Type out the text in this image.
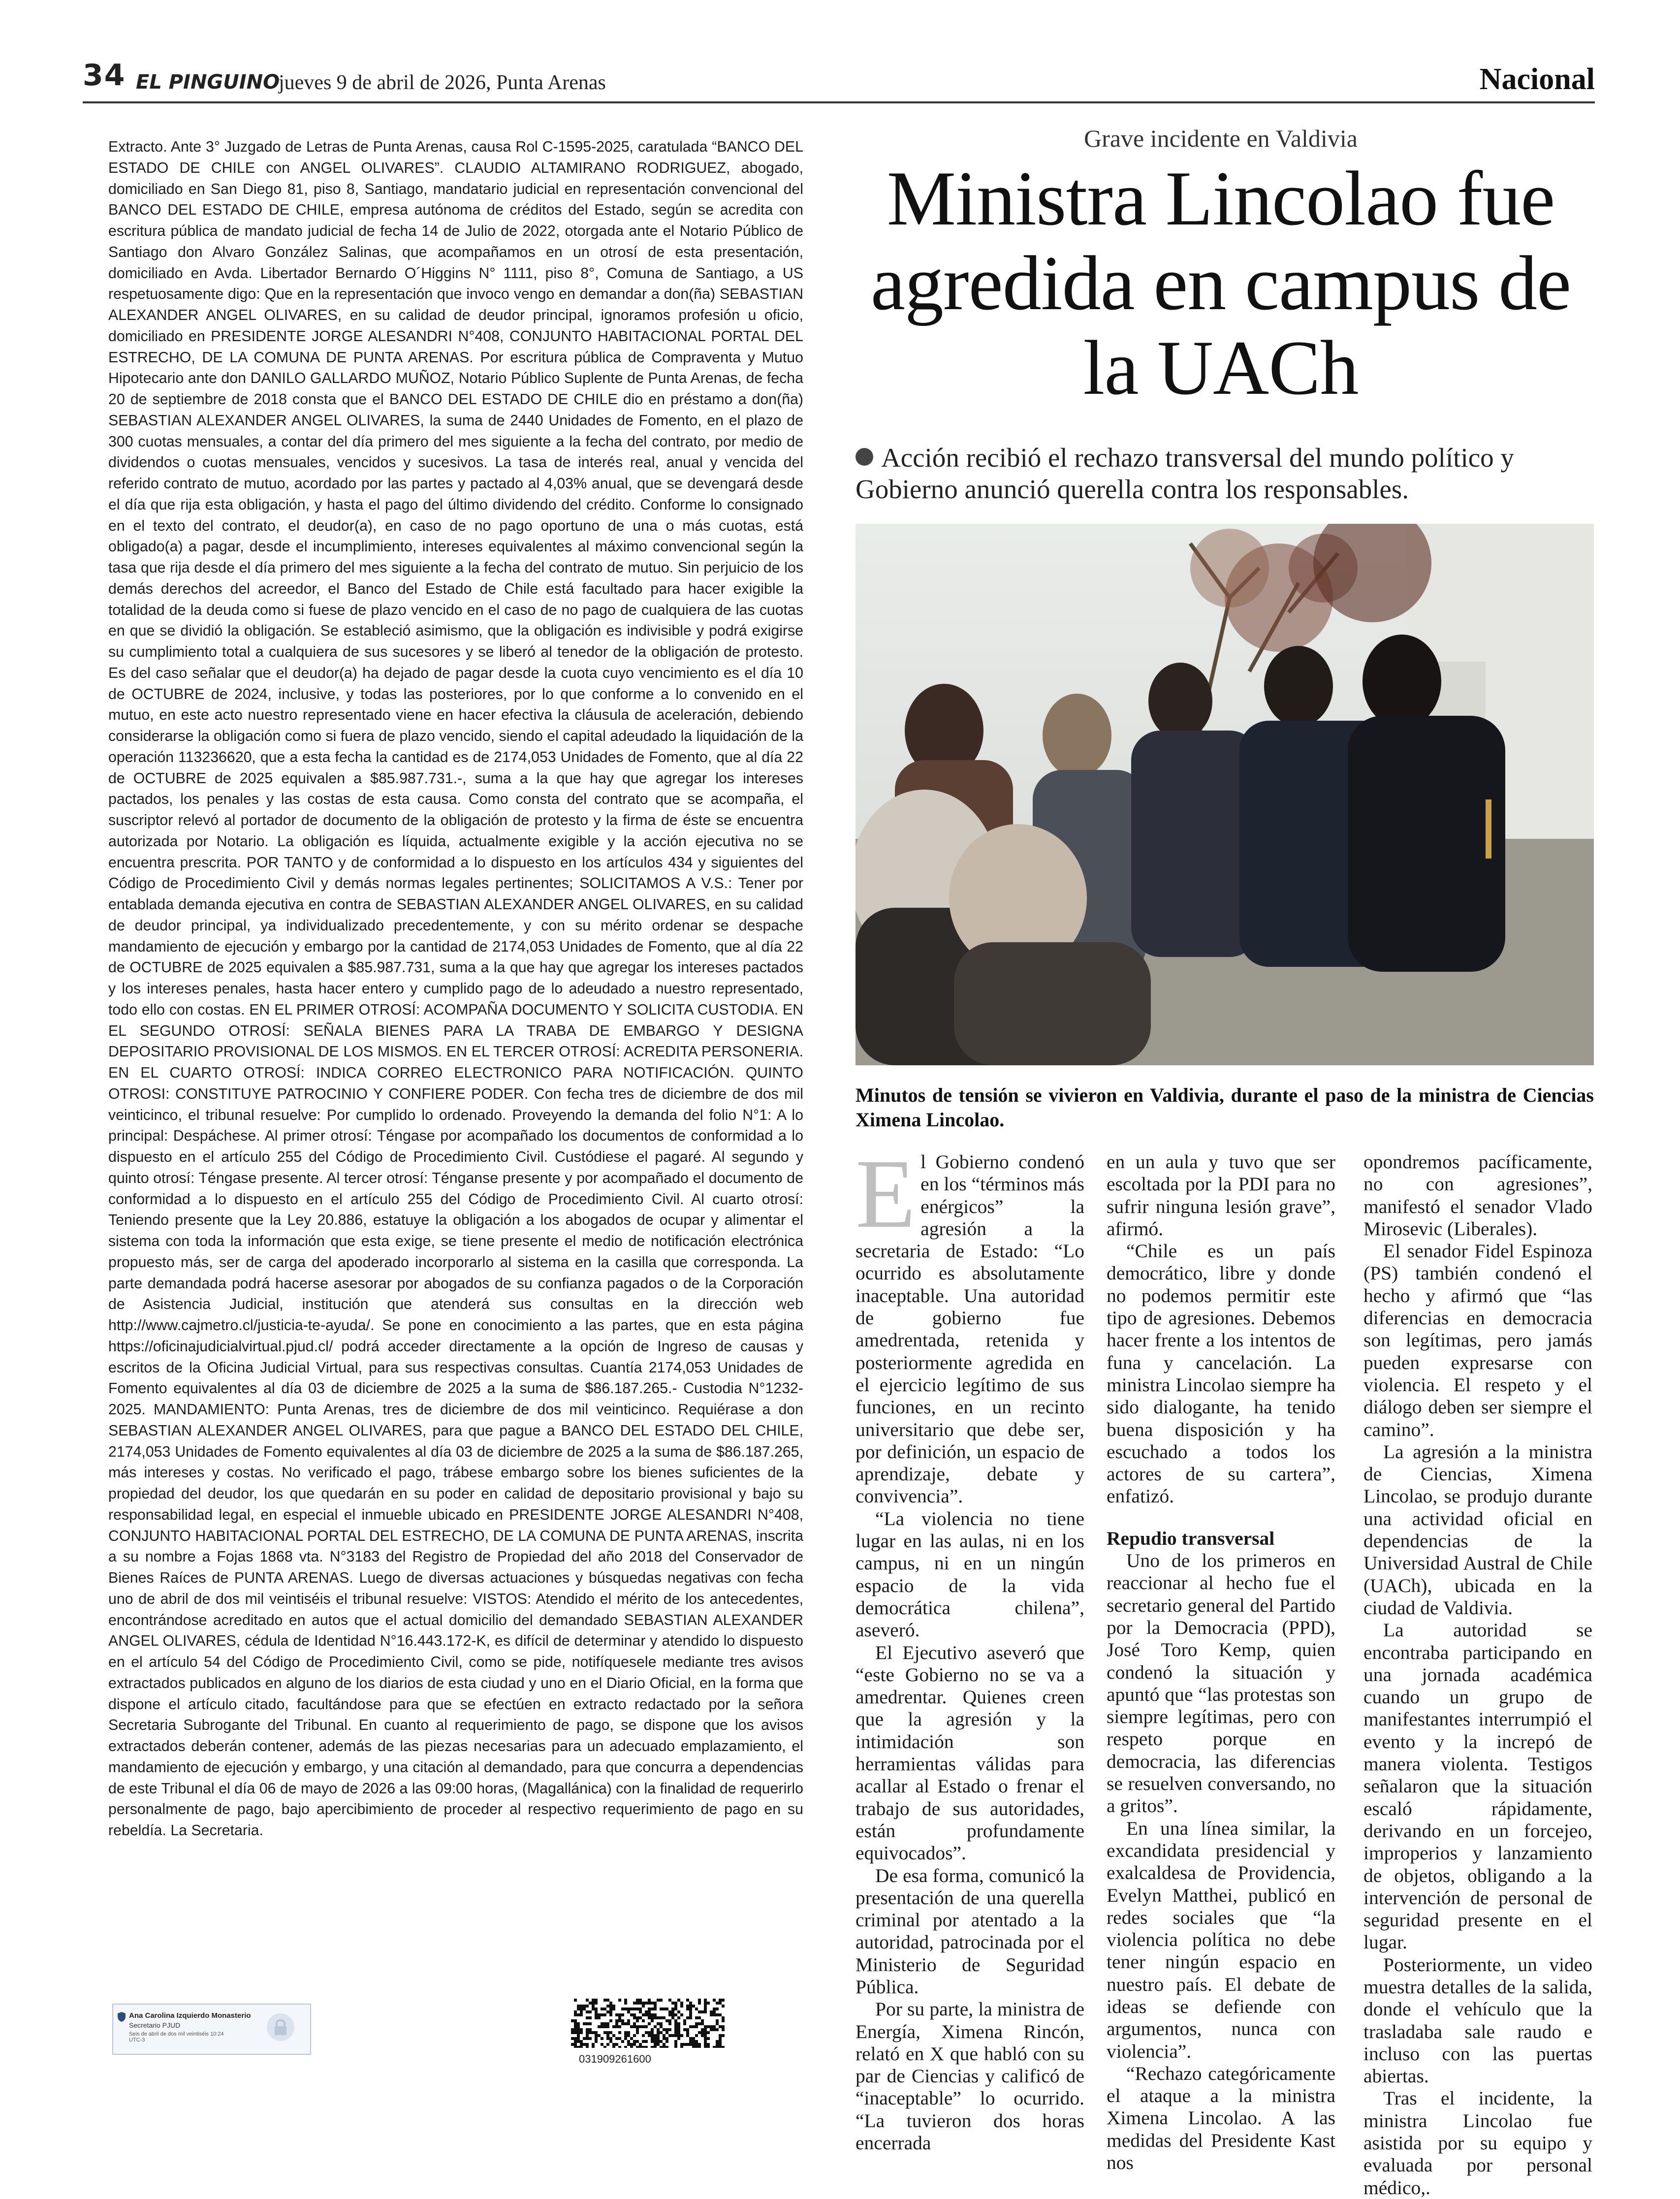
34 EL PINGUINO
jueves 9 de abril de 2026, Punta Arenas	Nacional

Extracto. Ante 3° Juzgado de Letras de Punta Arenas, causa Rol C-1595-2025, caratulada “BANCO DEL ESTADO DE CHILE con ANGEL OLIVARES”. CLAUDIO ALTAMIRANO RODRIGUEZ, abogado, domiciliado en San Diego 81, piso 8, Santiago, mandatario judicial en representación convencional del BANCO DEL ESTADO DE CHILE, empresa autónoma de créditos del Estado, según se acredita con escritura pública de mandato judicial de fecha 14 de Julio de 2022, otorgada ante el Notario Público de Santiago don Alvaro González Salinas, que acompañamos en un otrosí de esta presentación, domiciliado en Avda. Libertador Bernardo O´Higgins N° 1111, piso 8°, Comuna de Santiago, a US respetuosamente digo: Que en la representación que invoco vengo en demandar a don(ña) SEBASTIAN ALEXANDER ANGEL OLIVARES, en su calidad de deudor principal, ignoramos profesión u oficio, domiciliado en PRESIDENTE JORGE ALESANDRI N°408, CONJUNTO HABITACIONAL PORTAL DEL ESTRECHO, DE LA COMUNA DE PUNTA ARENAS. Por escritura pública de Compraventa y Mutuo Hipotecario ante don DANILO GALLARDO MUÑOZ, Notario Público Suplente de Punta Arenas, de fecha 20 de septiembre de 2018 consta que el BANCO DEL ESTADO DE CHILE dio en préstamo a don(ña) SEBASTIAN ALEXANDER ANGEL OLIVARES, la suma de 2440 Unidades de Fomento, en el plazo de 300 cuotas mensuales, a contar del día primero del mes siguiente a la fecha del contrato, por medio de dividendos o cuotas mensuales, vencidos y sucesivos. La tasa de interés real, anual y vencida del referido contrato de mutuo, acordado por las partes y pactado al 4,03% anual, que se devengará desde el día que rija esta obligación, y hasta el pago del último dividendo del crédito. Conforme lo consignado en el texto del contrato, el deudor(a), en caso de no pago oportuno de una o más cuotas, está obligado(a) a pagar, desde el incumplimiento, intereses equivalentes al máximo convencional según la tasa que rija desde el día primero del mes siguiente a la fecha del contrato de mutuo. Sin perjuicio de los demás derechos del acreedor, el Banco del Estado de Chile está facultado para hacer exigible la totalidad de la deuda como si fuese de plazo vencido en el caso de no pago de cualquiera de las cuotas en que se dividió la obligación. Se estableció asimismo, que la obligación es indivisible y podrá exigirse su cumplimiento total a cualquiera de sus sucesores y se liberó al tenedor de la obligación de protesto. Es del caso señalar que el deudor(a) ha dejado de pagar desde la cuota cuyo vencimiento es el día 10 de OCTUBRE de 2024, inclusive, y todas las posteriores, por lo que conforme a lo convenido en el mutuo, en este acto nuestro representado viene en hacer efectiva la cláusula de aceleración, debiendo considerarse la obligación como si fuera de plazo vencido, siendo el capital adeudado la liquidación de la operación 113236620, que a esta fecha la cantidad es de 2174,053 Unidades de Fomento, que al día 22 de OCTUBRE de 2025 equivalen a $85.987.731.-, suma a la que hay que agregar los intereses pactados, los penales y las costas de esta causa. Como consta del contrato que se acompaña, el suscriptor relevó al portador de documento de la obligación de protesto y la firma de éste se encuentra autorizada por Notario. La obligación es líquida, actualmente exigible y la acción ejecutiva no se encuentra prescrita. POR TANTO y de conformidad a lo dispuesto en los artículos 434 y siguientes del Código de Procedimiento Civil y demás normas legales pertinentes; SOLICITAMOS A V.S.: Tener por entablada demanda ejecutiva en contra de SEBASTIAN ALEXANDER ANGEL OLIVARES, en su calidad de deudor principal, ya individualizado precedentemente, y con su mérito ordenar se despache mandamiento de ejecución y embargo por la cantidad de 2174,053 Unidades de Fomento, que al día 22 de OCTUBRE de 2025 equivalen a $85.987.731, suma a la que hay que agregar los intereses pactados y los intereses penales, hasta hacer entero y cumplido pago de lo adeudado a nuestro representado, todo ello con costas. EN EL PRIMER OTROSÍ: ACOMPAÑA DOCUMENTO Y SOLICITA CUSTODIA. EN EL SEGUNDO OTROSÍ: SEÑALA BIENES PARA LA TRABA DE EMBARGO Y DESIGNA DEPOSITARIO PROVISIONAL DE LOS MISMOS. EN EL TERCER OTROSÍ: ACREDITA PERSONERIA. EN EL CUARTO OTROSÍ: INDICA CORREO ELECTRONICO PARA NOTIFICACIÓN. QUINTO OTROSI: CONSTITUYE PATROCINIO Y CONFIERE PODER. Con fecha tres de diciembre de dos mil veinticinco, el tribunal resuelve: Por cumplido lo ordenado. Proveyendo la demanda del folio N°1: A lo principal: Despáchese. Al primer otrosí: Téngase por acompañado los documentos de conformidad a lo dispuesto en el artículo 255 del Código de Procedimiento Civil. Custódiese el pagaré. Al segundo y quinto otrosí: Téngase presente. Al tercer otrosí: Ténganse presente y por acompañado el documento de conformidad a lo dispuesto en el artículo 255 del Código de Procedimiento Civil. Al cuarto otrosí: Teniendo presente que la Ley 20.886, estatuye la obligación a los abogados de ocupar y alimentar el sistema con toda la información que esta exige, se tiene presente el medio de notificación electrónica propuesto más, ser de carga del apoderado incorporarlo al sistema en la casilla que corresponda. La parte demandada podrá hacerse asesorar por abogados de su confianza pagados o de la Corporación de Asistencia Judicial, institución que atenderá sus consultas en la dirección web http://www.cajmetro.cl/justicia-te-ayuda/. Se pone en conocimiento a las partes, que en esta página https://oficinajudicialvirtual.pjud.cl/ podrá acceder directamente a la opción de Ingreso de causas y escritos de la Oficina Judicial Virtual, para sus respectivas consultas. Cuantía 2174,053 Unidades de Fomento equivalentes al día 03 de diciembre de 2025 a la suma de $86.187.265.- Custodia N°1232-2025. MANDAMIENTO: Punta Arenas, tres de diciembre de dos mil veinticinco. Requiérase a don SEBASTIAN ALEXANDER ANGEL OLIVARES, para que pague a BANCO DEL ESTADO DEL CHILE, 2174,053 Unidades de Fomento equivalentes al día 03 de diciembre de 2025 a la suma de $86.187.265, más intereses y costas. No verificado el pago, trábese embargo sobre los bienes suficientes de la propiedad del deudor, los que quedarán en su poder en calidad de depositario provisional y bajo su responsabilidad legal, en especial el inmueble ubicado en PRESIDENTE JORGE ALESANDRI N°408, CONJUNTO HABITACIONAL PORTAL DEL ESTRECHO, DE LA COMUNA DE PUNTA ARENAS, inscrita a su nombre a Fojas 1868 vta. N°3183 del Registro de Propiedad del año 2018 del Conservador de Bienes Raíces de PUNTA ARENAS. Luego de diversas actuaciones y búsquedas negativas con fecha uno de abril de dos mil veintiséis el tribunal resuelve: VISTOS: Atendido el mérito de los antecedentes, encontrándose acreditado en autos que el actual domicilio del demandado SEBASTIAN ALEXANDER ANGEL OLIVARES, cédula de Identidad N°16.443.172-K, es difícil de determinar y atendido lo dispuesto en el artículo 54 del Código de Procedimiento Civil, como se pide, notifíquesele mediante tres avisos extractados publicados en alguno de los diarios de esta ciudad y uno en el Diario Oficial, en la forma que dispone el artículo citado, facultándose para que se efectúen en extracto redactado por la señora Secretaria Subrogante del Tribunal. En cuanto al requerimiento de pago, se dispone que los avisos extractados deberán contener, además de las piezas necesarias para un adecuado emplazamiento, el mandamiento de ejecución y embargo, y una citación al demandado, para que concurra a dependencias de este Tribunal el día 06 de mayo de 2026 a las 09:00 horas, (Magallánica) con la finalidad de requerirlo personalmente de pago, bajo apercibimiento de proceder al respectivo requerimiento de pago en su rebeldía. La Secretaria.

Ana Carolina Izquierdo Monasterio
Secretario PJUD
Seis de abril de dos mil veintiséis 10:24 UTC-3
031909261600
Grave incidente en Valdivia
Ministra Lincolao fue agredida en campus de la UACh
Acción recibió el rechazo transversal del mundo político y Gobierno anunció querella contra los responsables.
Minutos de tensión se vivieron en Valdivia, durante el paso de la ministra de Ciencias Ximena Lincolao.

El Gobierno condenó en los “términos más enérgicos” la agresión a la secretaria de Estado: “Lo ocurrido es absolutamente inaceptable. Una autoridad de gobierno fue amedrentada, retenida y posteriormente agredida en el ejercicio legítimo de sus funciones, en un recinto universitario que debe ser, por definición, un espacio de aprendizaje, debate y convivencia”.

“La violencia no tiene lugar en las aulas, ni en los campus, ni en un ningún espacio de la vida democrática chilena”, aseveró.

El Ejecutivo aseveró que “este Gobierno no se va a amedrentar. Quienes creen que la agresión y la intimidación son herramientas válidas para acallar al Estado o frenar el trabajo de sus autoridades, están profundamente equivocados”.

De esa forma, comunicó la presentación de una querella criminal por atentado a la autoridad, patrocinada por el Ministerio de Seguridad Pública.

Por su parte, la ministra de Energía, Ximena Rincón, relató en X que habló con su par de Ciencias y calificó de “inaceptable” lo ocurrido. “La tuvieron dos horas encerrada

en un aula y tuvo que ser escoltada por la PDI para no sufrir ninguna lesión grave”, afirmó.

“Chile es un país democrático, libre y donde no podemos permitir este tipo de agresiones. Debemos hacer frente a los intentos de funa y cancelación. La ministra Lincolao siempre ha sido dialogante, ha tenido buena disposición y ha escuchado a todos los actores de su cartera”, enfatizó.

Repudio transversal

Uno de los primeros en reaccionar al hecho fue el secretario general del Partido por la Democracia (PPD), José Toro Kemp, quien condenó la situación y apuntó que “las protestas son siempre legítimas, pero con respeto porque en democracia, las diferencias se resuelven conversando, no a gritos”.

En una línea similar, la excandidata presidencial y exalcaldesa de Providencia, Evelyn Matthei, publicó en redes sociales que “la violencia política no debe tener ningún espacio en nuestro país. El debate de ideas se defiende con argumentos, nunca con violencia”.

“Rechazo categóricamente el ataque a la ministra Ximena Lincolao. A las medidas del Presidente Kast nos

opondremos pacíficamente, no con agresiones”, manifestó el senador Vlado Mirosevic (Liberales).

El senador Fidel Espinoza (PS) también condenó el hecho y afirmó que “las diferencias en democracia son legítimas, pero jamás pueden expresarse con violencia. El respeto y el diálogo deben ser siempre el camino”.

La agresión a la ministra de Ciencias, Ximena Lincolao, se produjo durante una actividad oficial en dependencias de la Universidad Austral de Chile (UACh), ubicada en la ciudad de Valdivia.

La autoridad se encontraba participando en una jornada académica cuando un grupo de manifestantes interrumpió el evento y la increpó de manera violenta. Testigos señalaron que la situación escaló rápidamente, derivando en un forcejeo, improperios y lanzamiento de objetos, obligando a la intervención de personal de seguridad presente en el lugar.

Posteriormente, un video muestra detalles de la salida, donde el vehículo que la trasladaba sale raudo e incluso con las puertas abiertas.

Tras el incidente, la ministra Lincolao fue asistida por su equipo y evaluada por personal médico,.
